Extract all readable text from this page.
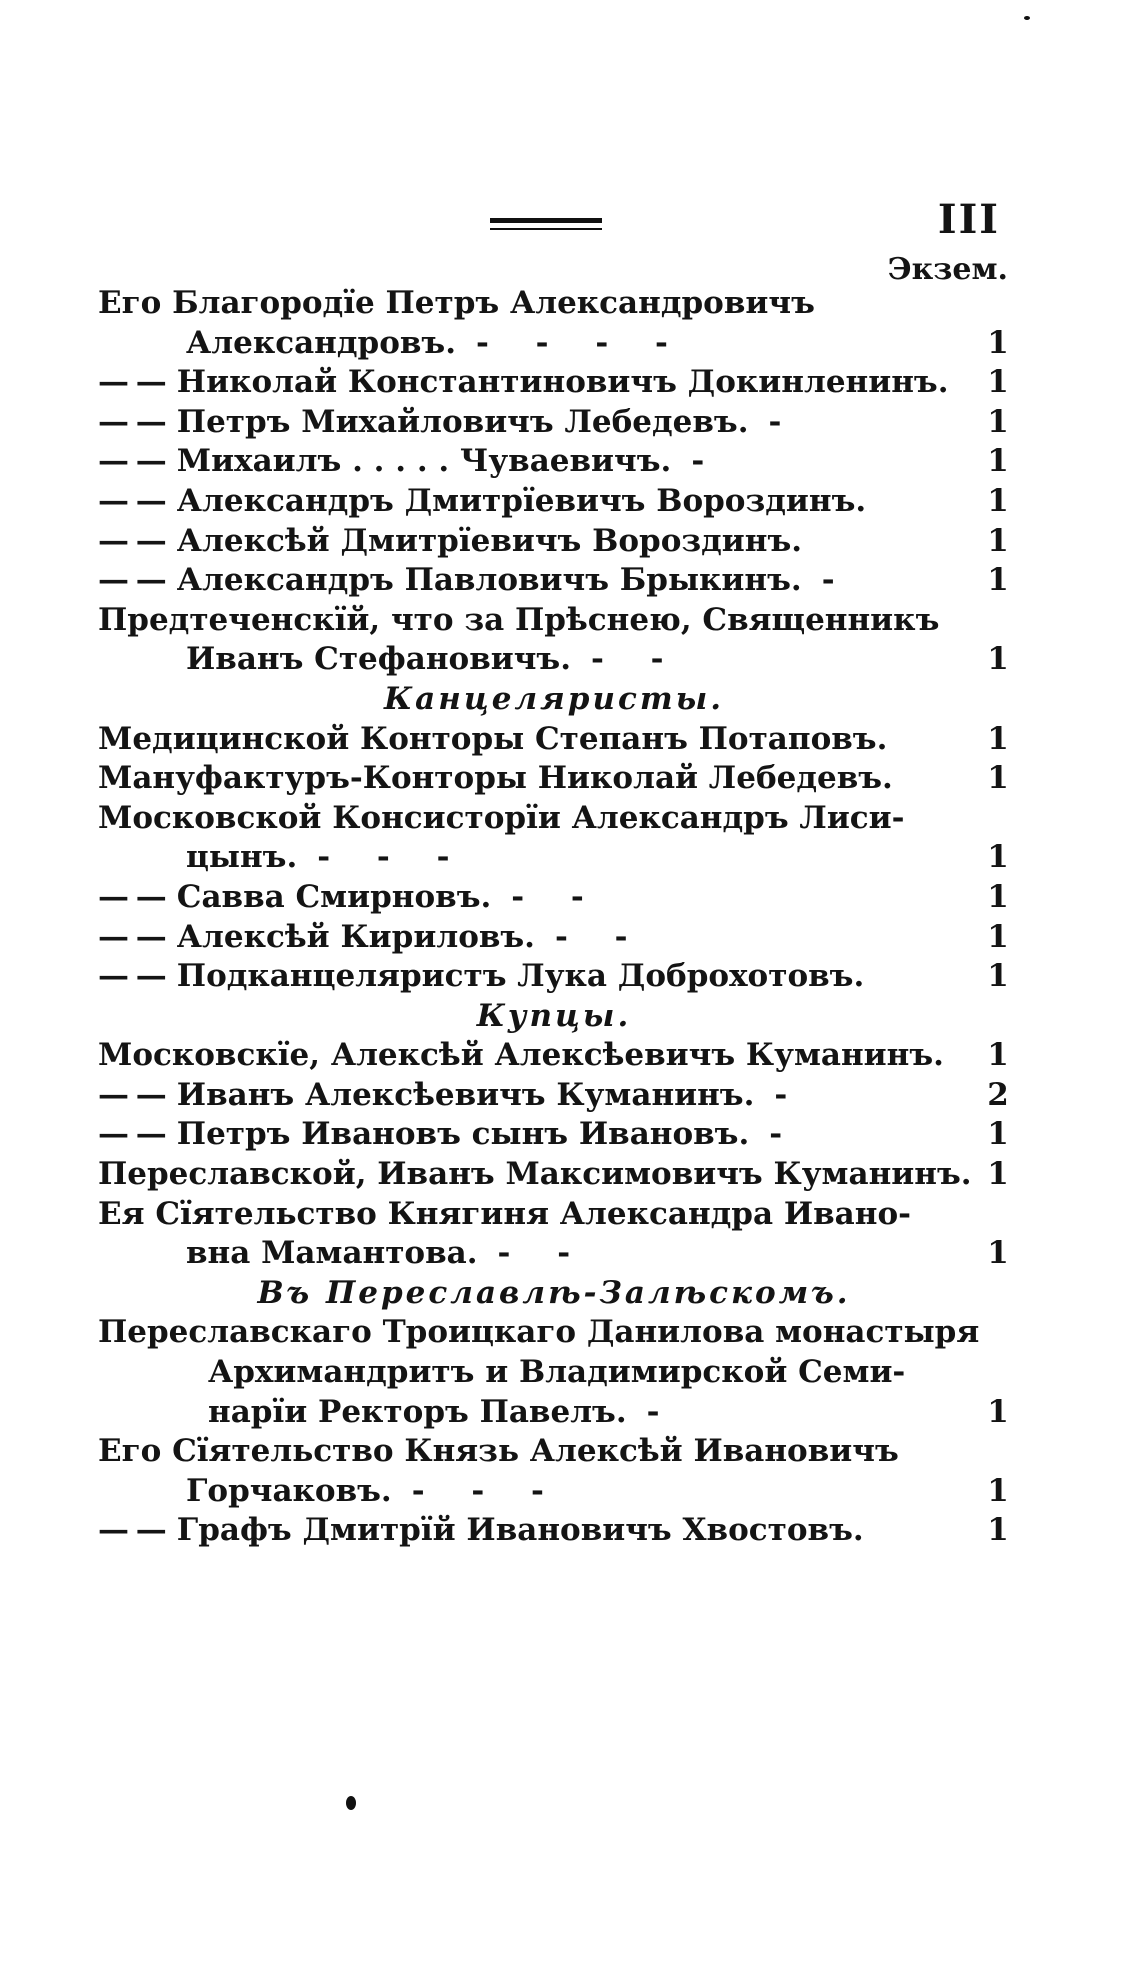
III
Экзем.
Его Благородїе Петръ Александровичъ
Александровъ. - - - -	1
— — Николай Константиновичъ Докинленинъ. 1
— — Петръ Михайловичъ Лебедевъ. -	1
— — Михаилъ . . . . . Чуваевичъ. -	1
— — Александръ Дмитрїевичъ Вороздинъ.	1
— — Алексѣй Дмитрїевичъ Вороздинъ.	1
— — Александръ Павловичъ Брыкинъ. -	1
Предтеченскїй, что за Прѣснею, Священникъ
Иванъ Стефановичъ. - -	1
Канцеляристы.
Медицинской Конторы Степанъ Потаповъ.	1
Мануфактуръ-Конторы Николай Лебедевъ.	1
Московской Консисторїи Александръ Лиси-
цынъ. - - -	1
— — Савва Смирновъ. - -	1
— — Алексѣй Кириловъ. - -	1
— — Подканцеляристъ Лука Доброхотовъ.	1
Купцы.
Московскїе, Алексѣй Алексѣевичъ Куманинъ. 1
— — Иванъ Алексѣевичъ Куманинъ. -	2
— — Петръ Ивановъ сынъ Ивановъ. -	1
Переславской, Иванъ Максимовичъ Куманинъ. 1
Ея Сїятельство Княгиня Александра Ивано-
вна Мамантова. - -	1
Въ Переславлѣ-Залѣскомъ.
Переславскаго Троицкаго Данилова монастыря
Архимандритъ и Владимирской Семи-
нарїи Ректоръ Павелъ. -	1
Его Сїятельство Князь Алексѣй Ивановичъ
Горчаковъ. - - -	1
— — Графъ Дмитрїй Ивановичъ Хвостовъ.	1
